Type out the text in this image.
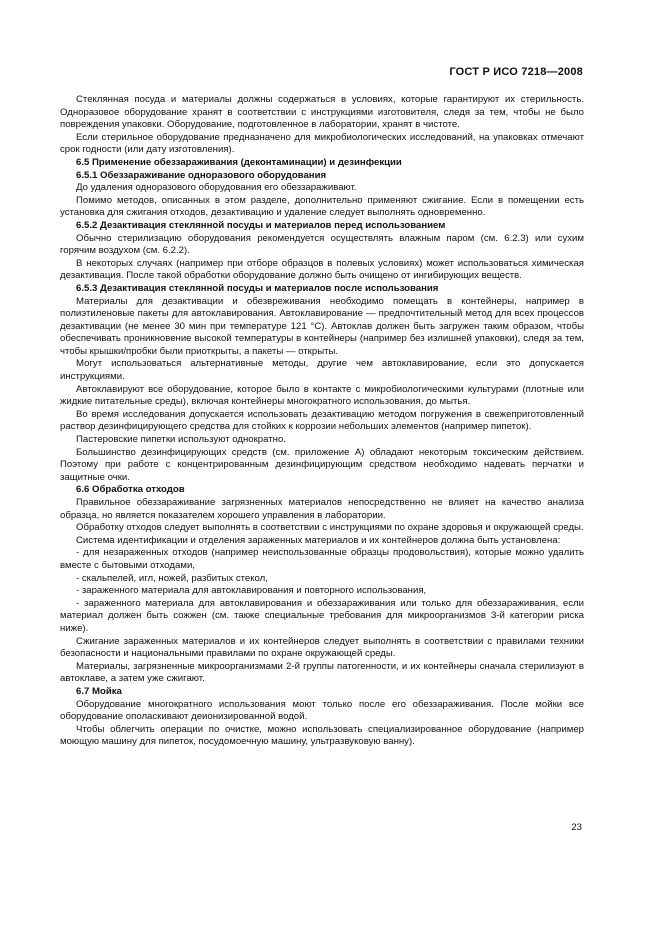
ГОСТ Р ИСО 7218—2008

Стеклянная посуда и материалы должны содержаться в условиях, которые гарантируют их стерильность. Одноразовое оборудование хранят в соответствии с инструкциями изготовителя, следя за тем, чтобы не было повреждения упаковки. Оборудование, подготовленное в лаборатории, хранят в чистоте.

Если стерильное оборудование предназначено для микробиологических исследований, на упаковках отмечают срок годности (или дату изготовления).

6.5 Применение обеззараживания (деконтаминации) и дезинфекции

6.5.1 Обеззараживание одноразового оборудования

До удаления одноразового оборудования его обеззараживают.

Помимо методов, описанных в этом разделе, дополнительно применяют сжигание. Если в помещении есть установка для сжигания отходов, дезактивацию и удаление следует выполнять одновременно.

6.5.2 Дезактивация стеклянной посуды и материалов перед использованием

Обычно стерилизацию оборудования рекомендуется осуществлять влажным паром (см. 6.2.3) или сухим горячим воздухом (см. 6.2.2).

В некоторых случаях (например при отборе образцов в полевых условиях) может использоваться химическая дезактивация. После такой обработки оборудование должно быть очищено от ингибирующих веществ.

6.5.3 Дезактивация стеклянной посуды и материалов после использования

Материалы для дезактивации и обезвреживания необходимо помещать в контейнеры, например в полиэтиленовые пакеты для автоклавирования. Автоклавирование — предпочтительный метод для всех процессов дезактивации (не менее 30 мин при температуре 121 °С). Автоклав должен быть загружен таким образом, чтобы обеспечивать проникновение высокой температуры в контейнеры (например без излишней упаковки), следя за тем, чтобы крышки/пробки были приоткрыты, а пакеты — открыты.

Могут использоваться альтернативные методы, другие чем автоклавирование, если это допускается инструкциями.

Автоклавируют все оборудование, которое было в контакте с микробиологическими культурами (плотные или жидкие питательные среды), включая контейнеры многократного использования, до мытья.

Во время исследования допускается использовать дезактивацию методом погружения в свежеприготовленный раствор дезинфицирующего средства для стойких к коррозии небольших элементов (например пипеток).

Пастеровские пипетки используют однократно.

Большинство дезинфицирующих средств (см. приложение А) обладают некоторым токсическим действием. Поэтому при работе с концентрированным дезинфицирующим средством необходимо надевать перчатки и защитные очки.

6.6 Обработка отходов

Правильное обеззараживание загрязненных материалов непосредственно не влияет на качество анализа образца, но является показателем хорошего управления в лаборатории.

Обработку отходов следует выполнять в соответствии с инструкциями по охране здоровья и окружающей среды.

Система идентификации и отделения зараженных материалов и их контейнеров должна быть установлена:

- для незараженных отходов (например неиспользованные образцы продовольствия), которые можно удалить вместе с бытовыми отходами,

- скальпелей, игл, ножей, разбитых стекол,

- зараженного материала для автоклавирования и повторного использования,

- зараженного материала для автоклавирования и обеззараживания или только для обеззараживания, если материал должен быть сожжен (см. также специальные требования для микроорганизмов 3-й категории риска ниже).

Сжигание зараженных материалов и их контейнеров следует выполнять в соответствии с правилами техники безопасности и национальными правилами по охране окружающей среды.

Материалы, загрязненные микроорганизмами 2-й группы патогенности, и их контейнеры сначала стерилизуют в автоклаве, а затем уже сжигают.

6.7 Мойка

Оборудование многократного использования моют только после его обеззараживания. После мойки все оборудование ополаскивают деионизированной водой.

Чтобы облегчить операции по очистке, можно использовать специализированное оборудование (например моющую машину для пипеток, посудомоечную машину, ультразвуковую ванну).

23
